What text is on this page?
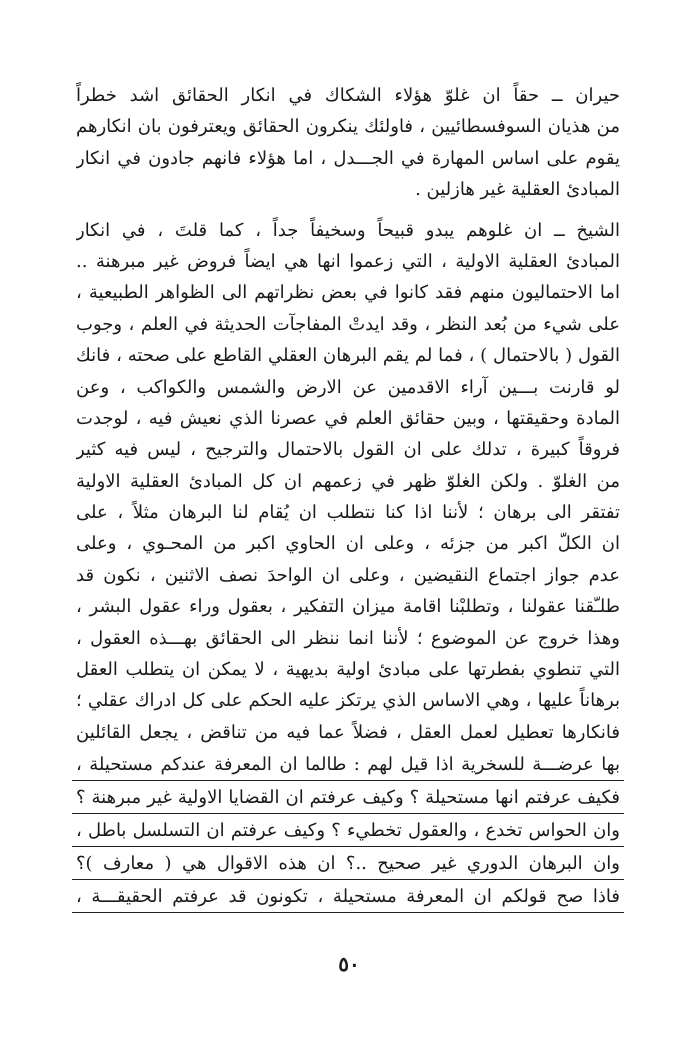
حيران ــ حقاً ان غلوّ هؤلاء الشكاك في انكار الحقائق اشد خطراً
من هذيان السوفسطائيين ، فاولئك ينكرون الحقائق ويعترفون بان انكارهم
يقوم على اساس المهارة في الجـــدل ، اما هؤلاء فانهم جادون في انكار
المبادئ العقلية غير هازلين .
الشيخ ــ ان غلوهم يبدو قبيحاً وسخيفاً جداً ، كما قلتَ ، في انكار
المبادئ العقلية الاولية ، التي زعموا انها هي ايضاً فروض غير مبرهنة ..
اما الاحتماليون منهم فقد كانوا في بعض نظراتهم الى الظواهر الطبيعية ،
على شيء من بُعد النظر ، وقد ايدتْ المفاجآت الحديثة في العلم ، وجوب
القول ( بالاحتمال ) ، فما لم يقم البرهان العقلي القاطع على صحته ، فانك
لو قارنت بـــين آراء الاقدمين عن الارض والشمس والكواكب ، وعن
المادة وحقيقتها ، وبين حقائق العلم في عصرنا الذي نعيش فيه ، لوجدت
فروقاً كبيرة ، تدلك على ان القول بالاحتمال والترجيح ، ليس فيه كثير
من الغلوّ . ولكن الغلوّ ظهر في زعمهم ان كل المبادئ العقلية الاولية
تفتقر الى برهان ؛ لأننا اذا كنا نتطلب ان يُقام لنا البرهان مثلاً ، على
ان الكلّ اكبر من جزئه ، وعلى ان الحاوي اكبر من المحـوي ، وعلى
عدم جواز اجتماع النقيضين ، وعلى ان الواحدَ نصف الاثنين ، نكون قد
طلـّقنا عقولنا ، وتطلبْنا اقامة ميزان التفكير ، بعقول وراء عقول البشر ،
وهذا خروج عن الموضوع ؛ لأننا انما ننظر الى الحقائق بهـــذه العقول ،
التي تنطوي بفطرتها على مبادئ اولية بديهية ، لا يمكن ان يتطلب العقل
برهاناً عليها ، وهي الاساس الذي يرتكز عليه الحكم على كل ادراك عقلي ؛
فانكارها تعطيل لعمل العقل ، فضلاً عما فيه من تناقض ، يجعل القائلين
بها عرضـــة للسخرية اذا قيل لهم : طالما ان المعرفة عندكم مستحيلة ،
فكيف عرفتم انها مستحيلة ؟ وكيف عرفتم ان القضايا الاولية غير مبرهنة ؟
وان الحواس تخدع ، والعقول تخطيء ؟ وكيف عرفتم ان التسلسل باطل ،
وان البرهان الدوري غير صحيح ..؟ ان هذه الاقوال هي ( معارف )؟
فاذا صح قولكم ان المعرفة مستحيلة ، تكونون قد عرفتم الحقيقـــة ،
٥٠
